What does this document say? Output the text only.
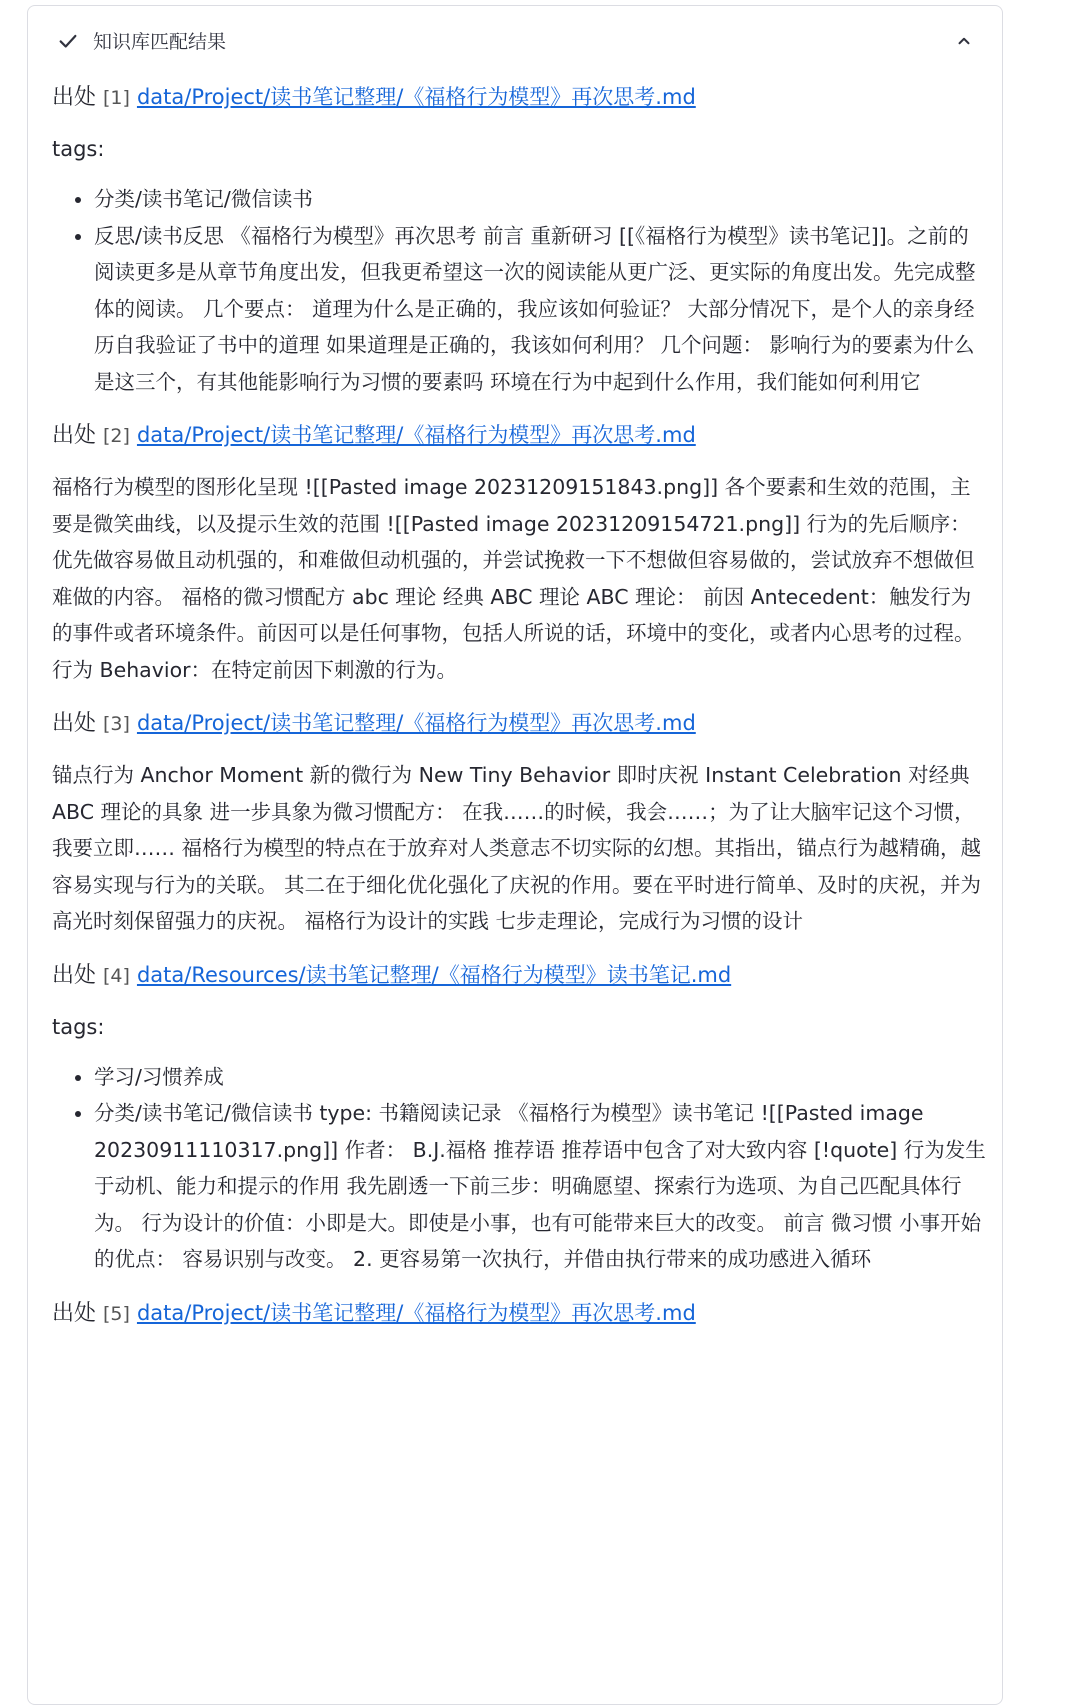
知识库匹配结果
出处 [1] data/Project/读书笔记整理/《福格行为模型》再次思考.md
tags:
• 分类/读书笔记/微信读书
• 反思/读书反思 《福格行为模型》再次思考 前言 重新研习 [[《福格行为模型》读书笔记]]。之前的阅读更多是从章节角度出发，但我更希望这一次的阅读能从更广泛、更实际的角度出发。先完成整体的阅读。 几个要点： 道理为什么是正确的，我应该如何验证？ 大部分情况下，是个人的亲身经历自我验证了书中的道理 如果道理是正确的，我该如何利用？ 几个问题： 影响行为的要素为什么是这三个，有其他能影响行为习惯的要素吗 环境在行为中起到什么作用，我们能如何利用它
出处 [2] data/Project/读书笔记整理/《福格行为模型》再次思考.md
福格行为模型的图形化呈现 ![[Pasted image 20231209151843.png]] 各个要素和生效的范围，主要是微笑曲线，以及提示生效的范围 ![[Pasted image 20231209154721.png]] 行为的先后顺序：优先做容易做且动机强的，和难做但动机强的，并尝试挽救一下不想做但容易做的，尝试放弃不想做但难做的内容。 福格的微习惯配方 abc 理论 经典 ABC 理论 ABC 理论： 前因 Antecedent：触发行为的事件或者环境条件。前因可以是任何事物，包括人所说的话，环境中的变化，或者内心思考的过程。 行为 Behavior：在特定前因下刺激的行为。
出处 [3] data/Project/读书笔记整理/《福格行为模型》再次思考.md
锚点行为 Anchor Moment 新的微行为 New Tiny Behavior 即时庆祝 Instant Celebration 对经典 ABC 理论的具象 进一步具象为微习惯配方： 在我……的时候，我会……；为了让大脑牢记这个习惯，我要立即…… 福格行为模型的特点在于放弃对人类意志不切实际的幻想。其指出，锚点行为越精确，越容易实现与行为的关联。 其二在于细化优化强化了庆祝的作用。要在平时进行简单、及时的庆祝，并为高光时刻保留强力的庆祝。 福格行为设计的实践 七步走理论，完成行为习惯的设计
出处 [4] data/Resources/读书笔记整理/《福格行为模型》读书笔记.md
tags:
• 学习/习惯养成
• 分类/读书笔记/微信读书 type: 书籍阅读记录 《福格行为模型》读书笔记 ![[Pasted image 20230911110317.png]] 作者： B.J.福格 推荐语 推荐语中包含了对大致内容 [!quote] 行为发生于动机、能力和提示的作用 我先剧透一下前三步：明确愿望、探索行为选项、为自己匹配具体行为。 行为设计的价值：小即是大。即使是小事，也有可能带来巨大的改变。 前言 微习惯 小事开始的优点： 容易识别与改变。 2. 更容易第一次执行，并借由执行带来的成功感进入循环
出处 [5] data/Project/读书笔记整理/《福格行为模型》再次思考.md
